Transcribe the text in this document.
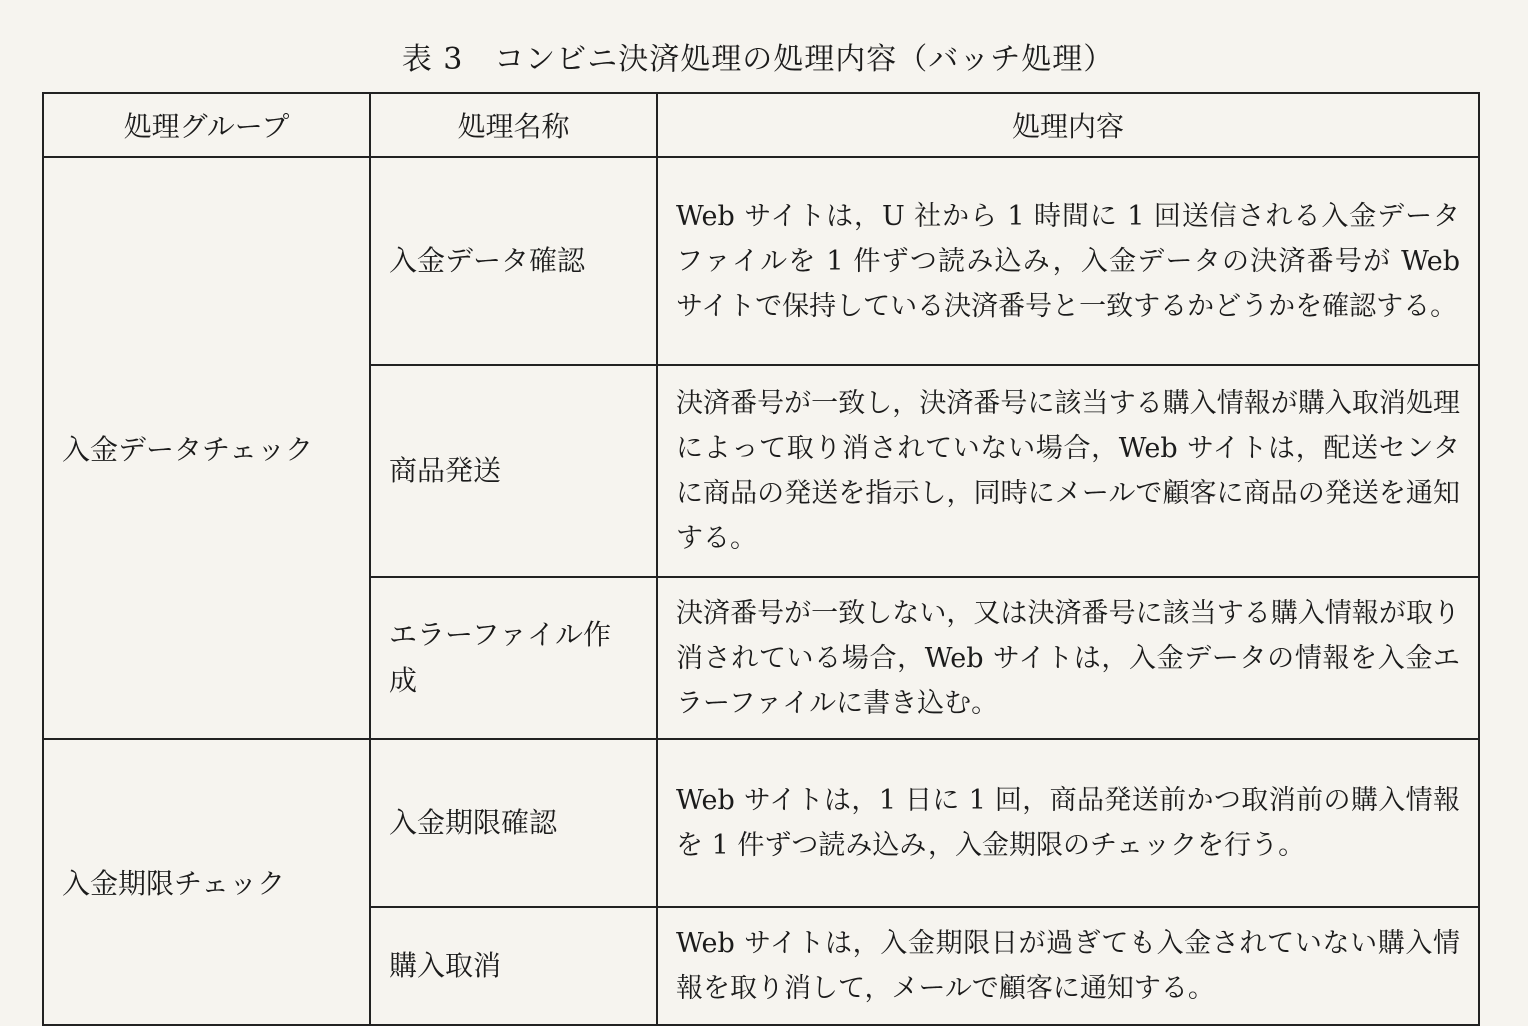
表 3　コンビニ決済処理の処理内容（バッチ処理）
処理グループ	処理名称	処理内容
入金データチェック	入金データ確認	Web サイトは，U 社から 1 時間に 1 回送信される入金データファイルを 1 件ずつ読み込み，入金データの決済番号が Web サイトで保持している決済番号と一致するかどうかを確認する。
	商品発送	決済番号が一致し，決済番号に該当する購入情報が購入取消処理によって取り消されていない場合，Web サイトは，配送センタに商品の発送を指示し，同時にメールで顧客に商品の発送を通知する。
	エラーファイル作成	決済番号が一致しない，又は決済番号に該当する購入情報が取り消されている場合，Web サイトは，入金データの情報を入金エラーファイルに書き込む。
入金期限チェック	入金期限確認	Web サイトは，1 日に 1 回，商品発送前かつ取消前の購入情報を 1 件ずつ読み込み，入金期限のチェックを行う。
	購入取消	Web サイトは，入金期限日が過ぎても入金されていない購入情報を取り消して，メールで顧客に通知する。
